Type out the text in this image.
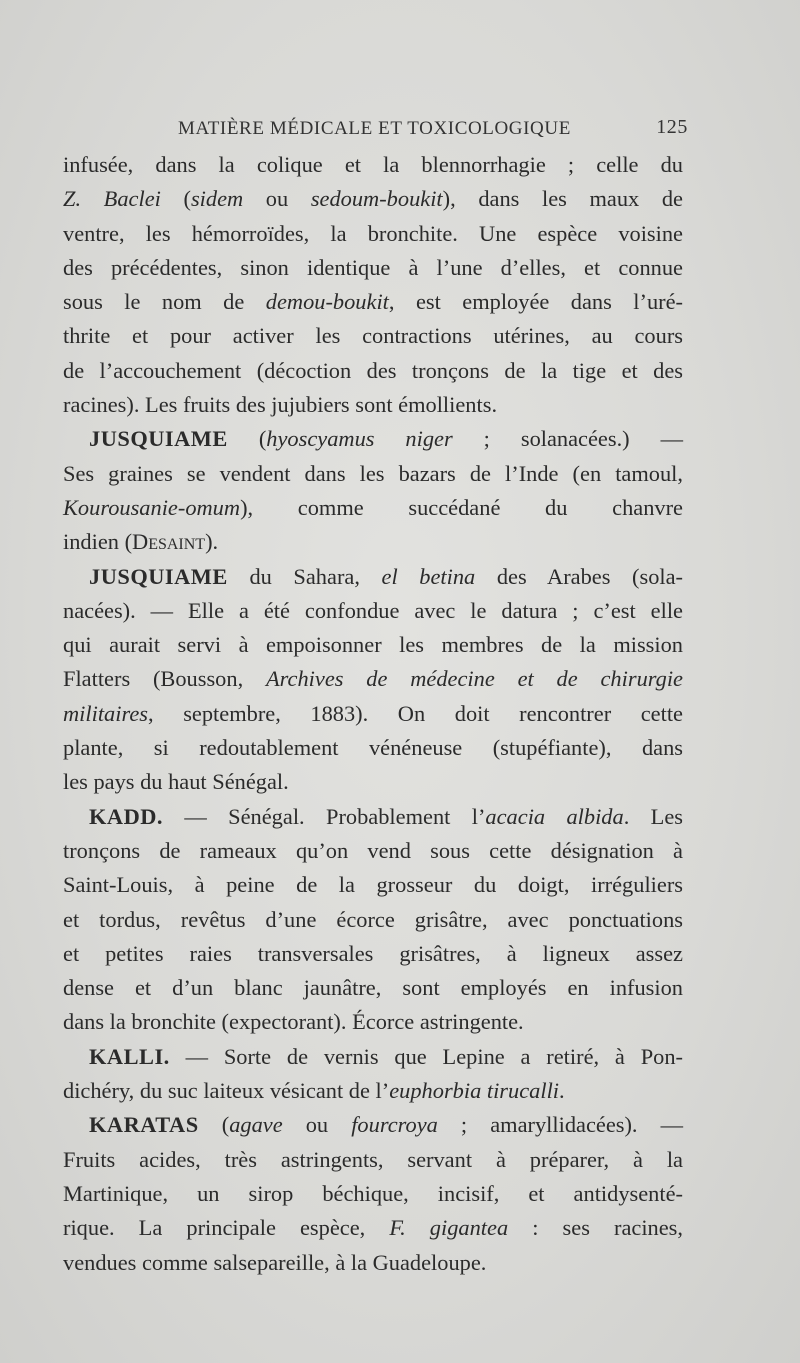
MATIÈRE MÉDICALE ET TOXICOLOGIQUE	125
infusée, dans la colique et la blennorrhagie ; celle du
Z. Baclei (sidem ou sedoum-boukit), dans les maux de
ventre, les hémorroïdes, la bronchite. Une espèce voisine
des précédentes, sinon identique à l’une d’elles, et connue
sous le nom de demou-boukit, est employée dans l’uré-
thrite et pour activer les contractions utérines, au cours
de l’accouchement (décoction des tronçons de la tige et des
racines). Les fruits des jujubiers sont émollients.
JUSQUIAME (hyoscyamus niger ; solanacées.) —
Ses graines se vendent dans les bazars de l’Inde (en tamoul,
Kourousanie-omum), comme succédané du chanvre
indien (Desaint).
JUSQUIAME du Sahara, el betina des Arabes (sola-
nacées). — Elle a été confondue avec le datura ; c’est elle
qui aurait servi à empoisonner les membres de la mission
Flatters (Bousson, Archives de médecine et de chirurgie
militaires, septembre, 1883). On doit rencontrer cette
plante, si redoutablement vénéneuse (stupéfiante), dans
les pays du haut Sénégal.
KADD. — Sénégal. Probablement l’acacia albida. Les
tronçons de rameaux qu’on vend sous cette désignation à
Saint-Louis, à peine de la grosseur du doigt, irréguliers
et tordus, revêtus d’une écorce grisâtre, avec ponctuations
et petites raies transversales grisâtres, à ligneux assez
dense et d’un blanc jaunâtre, sont employés en infusion
dans la bronchite (expectorant). Écorce astringente.
KALLI. — Sorte de vernis que Lepine a retiré, à Pon-
dichéry, du suc laiteux vésicant de l’euphorbia tirucalli.
KARATAS (agave ou fourcroya ; amaryllidacées). —
Fruits acides, très astringents, servant à préparer, à la
Martinique, un sirop béchique, incisif, et antidysenté-
rique. La principale espèce, F. gigantea : ses racines,
vendues comme salsepareille, à la Guadeloupe.
